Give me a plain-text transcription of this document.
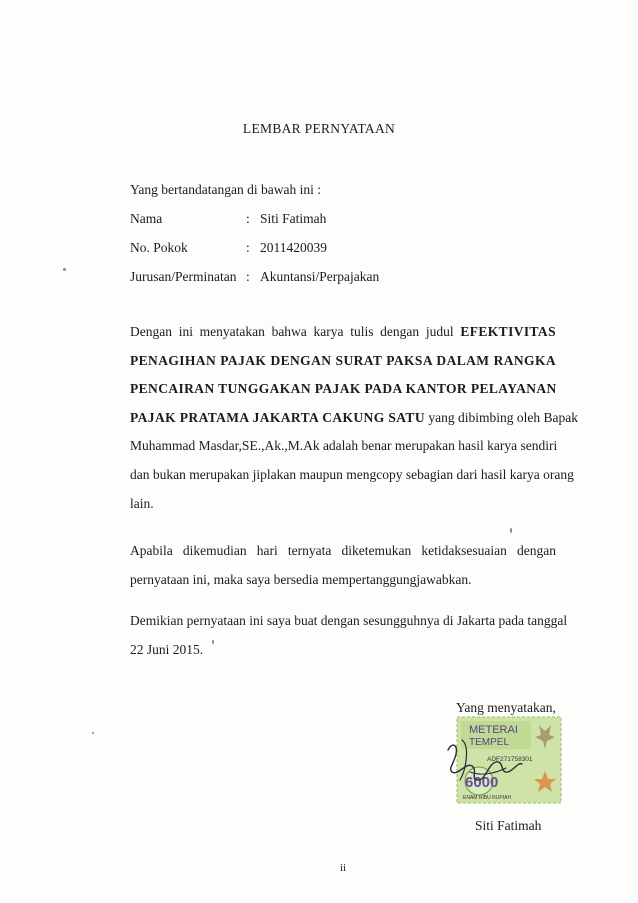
LEMBAR PERNYATAAN
Yang bertandatangan di bawah ini :
Nama	: Siti Fatimah
No. Pokok	: 2011420039
Jurusan/Perminatan : Akuntansi/Perpajakan
Dengan ini menyatakan bahwa karya tulis dengan judul EFEKTIVITAS
PENAGIHAN PAJAK DENGAN SURAT PAKSA DALAM RANGKA
PENCAIRAN TUNGGAKAN PAJAK PADA KANTOR PELAYANAN
PAJAK PRATAMA JAKARTA CAKUNG SATU yang dibimbing oleh Bapak
Muhammad Masdar,SE.,Ak.,M.Ak adalah benar merupakan hasil karya sendiri
dan bukan merupakan jiplakan maupun mengcopy sebagian dari hasil karya orang
lain.
Apabila dikemudian hari ternyata diketemukan ketidaksesuaian dengan
pernyataan ini, maka saya bersedia mempertanggungjawabkan.
Demikian pernyataan ini saya buat dengan sesungguhnya di Jakarta pada tanggal
22 Juni 2015.
Yang menyatakan,
METERAI
TEMPEL
ADF271758301
6000
ENAM RIBU RUPIAH
Siti Fatimah
ii
